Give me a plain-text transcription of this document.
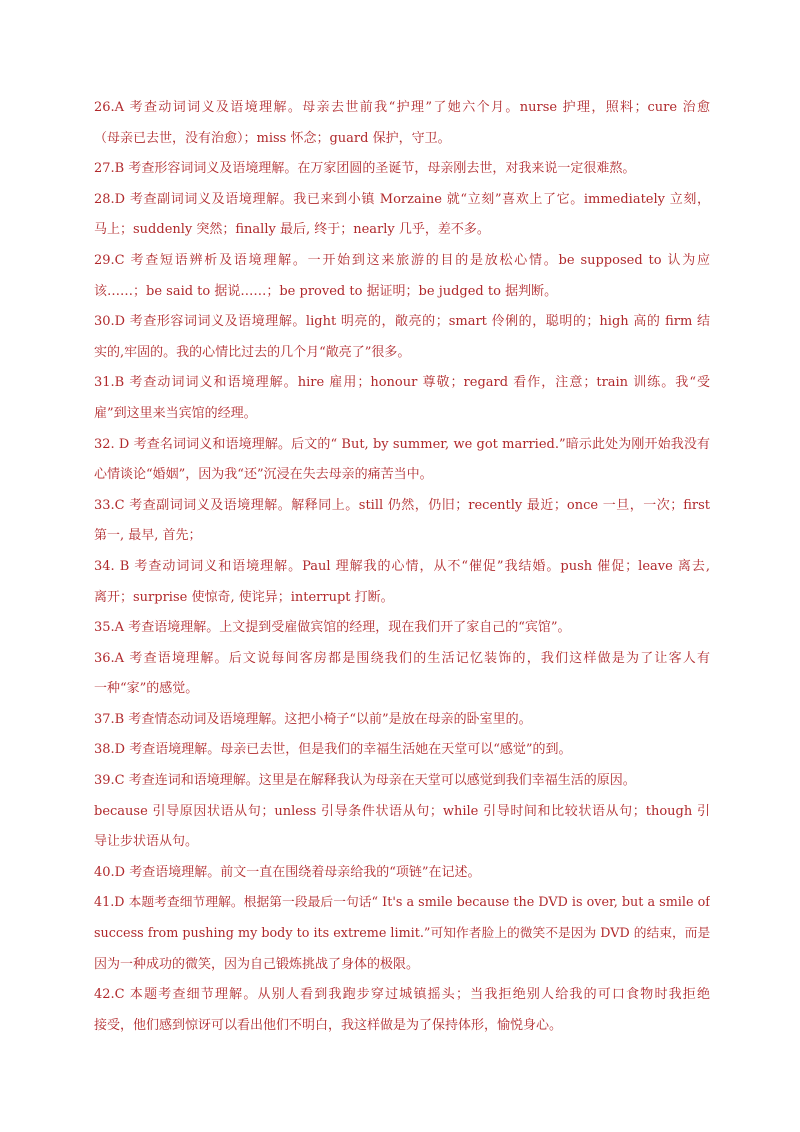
26.A 考查动词词义及语境理解。母亲去世前我“护理”了她六个月。nurse 护理，照料；cure 治愈
（母亲已去世，没有治愈）；miss 怀念；guard 保护，守卫。
27.B 考查形容词词义及语境理解。在万家团圆的圣诞节，母亲刚去世，对我来说一定很难熬。
28.D 考查副词词义及语境理解。我已来到小镇 Morzaine 就“立刻”喜欢上了它。immediately 立刻，
马上；suddenly 突然；finally 最后, 终于；nearly 几乎，差不多。
29.C 考查短语辨析及语境理解。一开始到这来旅游的目的是放松心情。be supposed to 认为应
该……；be said to 据说……；be proved to 据证明；be judged to 据判断。
30.D 考查形容词词义及语境理解。light 明亮的，敞亮的；smart 伶俐的，聪明的；high 高的 firm 结
实的,牢固的。我的心情比过去的几个月“敞亮了”很多。
31.B 考查动词词义和语境理解。hire 雇用；honour 尊敬；regard 看作，注意；train 训练。我“受
雇”到这里来当宾馆的经理。
32. D 考查名词词义和语境理解。后文的“ But, by summer, we got married.”暗示此处为刚开始我没有
心情谈论“婚姻”，因为我“还”沉浸在失去母亲的痛苦当中。
33.C 考查副词词义及语境理解。解释同上。still 仍然，仍旧；recently 最近；once 一旦，一次；first
第一, 最早, 首先；
34. B 考查动词词义和语境理解。Paul 理解我的心情，从不“催促”我结婚。push 催促；leave 离去,
离开；surprise 使惊奇, 使诧异；interrupt 打断。
35.A 考查语境理解。上文提到受雇做宾馆的经理，现在我们开了家自己的“宾馆”。
36.A 考查语境理解。后文说每间客房都是围绕我们的生活记忆装饰的，我们这样做是为了让客人有
一种“家”的感觉。
37.B 考查情态动词及语境理解。这把小椅子“以前”是放在母亲的卧室里的。
38.D 考查语境理解。母亲已去世，但是我们的幸福生活她在天堂可以“感觉”的到。
39.C 考查连词和语境理解。这里是在解释我认为母亲在天堂可以感觉到我们幸福生活的原因。
because 引导原因状语从句；unless 引导条件状语从句；while 引导时间和比较状语从句；though 引
导让步状语从句。
40.D 考查语境理解。前文一直在围绕着母亲给我的“项链”在记述。
41.D 本题考查细节理解。根据第一段最后一句话“ It's a smile because the DVD is over, but a smile of
success from pushing my body to its extreme limit.”可知作者脸上的微笑不是因为 DVD 的结束，而是
因为一种成功的微笑，因为自己锻炼挑战了身体的极限。
42.C 本题考查细节理解。从别人看到我跑步穿过城镇摇头；当我拒绝别人给我的可口食物时我拒绝
接受，他们感到惊讶可以看出他们不明白，我这样做是为了保持体形，愉悦身心。
